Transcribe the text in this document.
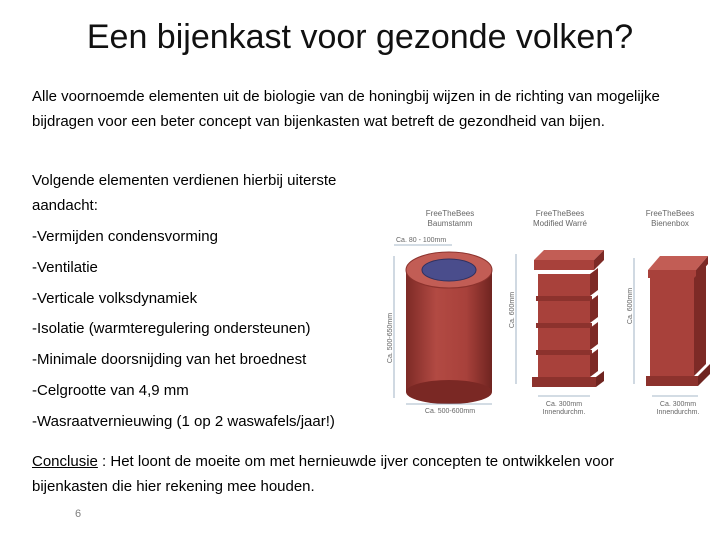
Een bijenkast voor gezonde volken?

Alle voornoemde elementen uit de biologie van de honingbij wijzen in de richting van mogelijke bijdragen voor een beter concept van bijenkasten wat betreft de gezondheid van bijen.

Volgende elementen verdienen hierbij uiterste aandacht:

-Vermijden condensvorming
-Ventilatie
-Verticale volksdynamiek
-Isolatie (warmteregulering ondersteunen)
-Minimale doorsnijding van het broednest
-Celgrootte van 4,9 mm
-Wasraatvernieuwing (1 op 2 waswafels/jaar!)

Conclusie : Het loont de moeite om met hernieuwde ijver concepten te ontwikkelen voor bijenkasten die hier rekening mee houden.

6
FreeTheBees
Baumstamm
Ca. 80 - 100mm
Ca. 500-650mm
Ca. 500-600mm
FreeTheBees
Modified Warré
Ca. 600mm
Ca. 300mm
Innendurchm.
FreeTheBees
Bienenbox
Ca. 600mm
Ca. 300mm
Innendurchm.
